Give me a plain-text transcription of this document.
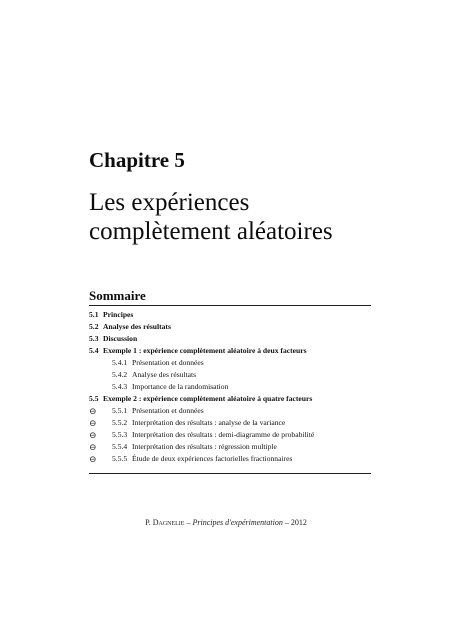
Chapitre 5
Les expériences
complètement aléatoires
Sommaire
5.1 Principes
5.2 Analyse des résultats
5.3 Discussion
5.4 Exemple 1 : expérience complètement aléatoire à deux facteurs
5.4.1 Présentation et données
5.4.2 Analyse des résultats
5.4.3 Importance de la randomisation
5.5 Exemple 2 : expérience complètement aléatoire à quatre facteurs
⊖ 5.5.1 Présentation et données
⊖ 5.5.2 Interprétation des résultats : analyse de la variance
⊖ 5.5.3 Interprétation des résultats : demi-diagramme de probabilité
⊖ 5.5.4 Interprétation des résultats : régression multiple
⊖ 5.5.5 Étude de deux expériences factorielles fractionnaires
P. Dagnelie – Principes d'expérimentation – 2012
